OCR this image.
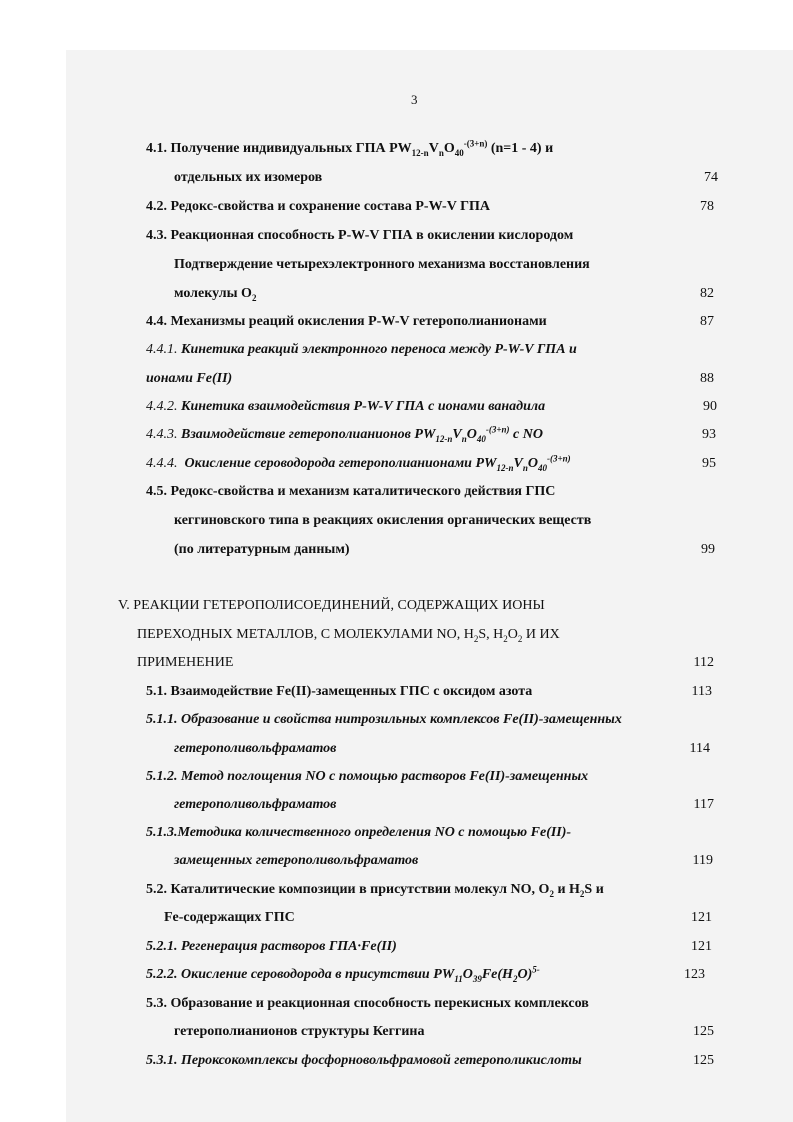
3
4.1. Получение индивидуальных ГПА $PW_{12-n}V_nO_{40}^{-(3+n)}$ (n=1 - 4) и
отдельных их изомеров	74
4.2. Редокс-свойства и сохранение состава P-W-V ГПА	78
4.3. Реакционная способность P-W-V ГПА в окислении кислородом
Подтверждение четырехэлектронного механизма восстановления
молекулы $O_2$	82
4.4. Механизмы реаций окисления P-W-V гетерополианионами	87
4.4.1. Кинетика реакций электронного переноса между P-W-V ГПА и
ионами Fe(II)	88
4.4.2. Кинетика взаимодействия P-W-V ГПА с ионами ванадила	90
4.4.3. Взаимодействие гетерополианионов $PW_{12-n}V_nO_{40}^{-(3+n)}$ с NO	93
4.4.4. Окисление сероводорода гетерополианионами $PW_{12-n}V_nO_{40}^{-(3+n)}$	95
4.5. Редокс-свойства и механизм каталитического действия ГПС
кеггиновского типа в реакциях окисления органических веществ
(по литературным данным)	99
V. РЕАКЦИИ ГЕТЕРОПОЛИСОЕДИНЕНИЙ, СОДЕРЖАЩИХ ИОНЫ
ПЕРЕХОДНЫХ МЕТАЛЛОВ, С МОЛЕКУЛАМИ NO, $H_2S$, $H_2O_2$ И ИХ
ПРИМЕНЕНИЕ	112
5.1. Взаимодействие Fe(II)-замещенных ГПС с оксидом азота	113
5.1.1. Образование и свойства нитрозильных комплексов Fe(II)-замещенных
гетерополивольфраматов	114
5.1.2. Метод поглощения NO с помощью растворов Fe(II)-замещенных
гетерополивольфраматов	117
5.1.3.Методика количественного определения NO с помощью Fe(II)-
замещенных гетерополивольфраматов	119
5.2. Каталитические композиции в присутствии молекул NO, $O_2$ и $H_2S$ и
Fe-содержащих ГПС	121
5.2.1. Регенерация растворов ГПА·Fe(II)	121
5.2.2. Окисление сероводорода в присутствии $PW_{11}O_{39}Fe(H_2O)^{5-}$	123
5.3. Образование и реакционная способность перекисных комплексов
гетерополианионов структуры Кеггина	125
5.3.1. Пероксокомплексы фосфорновольфрамовой гетерополикислоты	125
